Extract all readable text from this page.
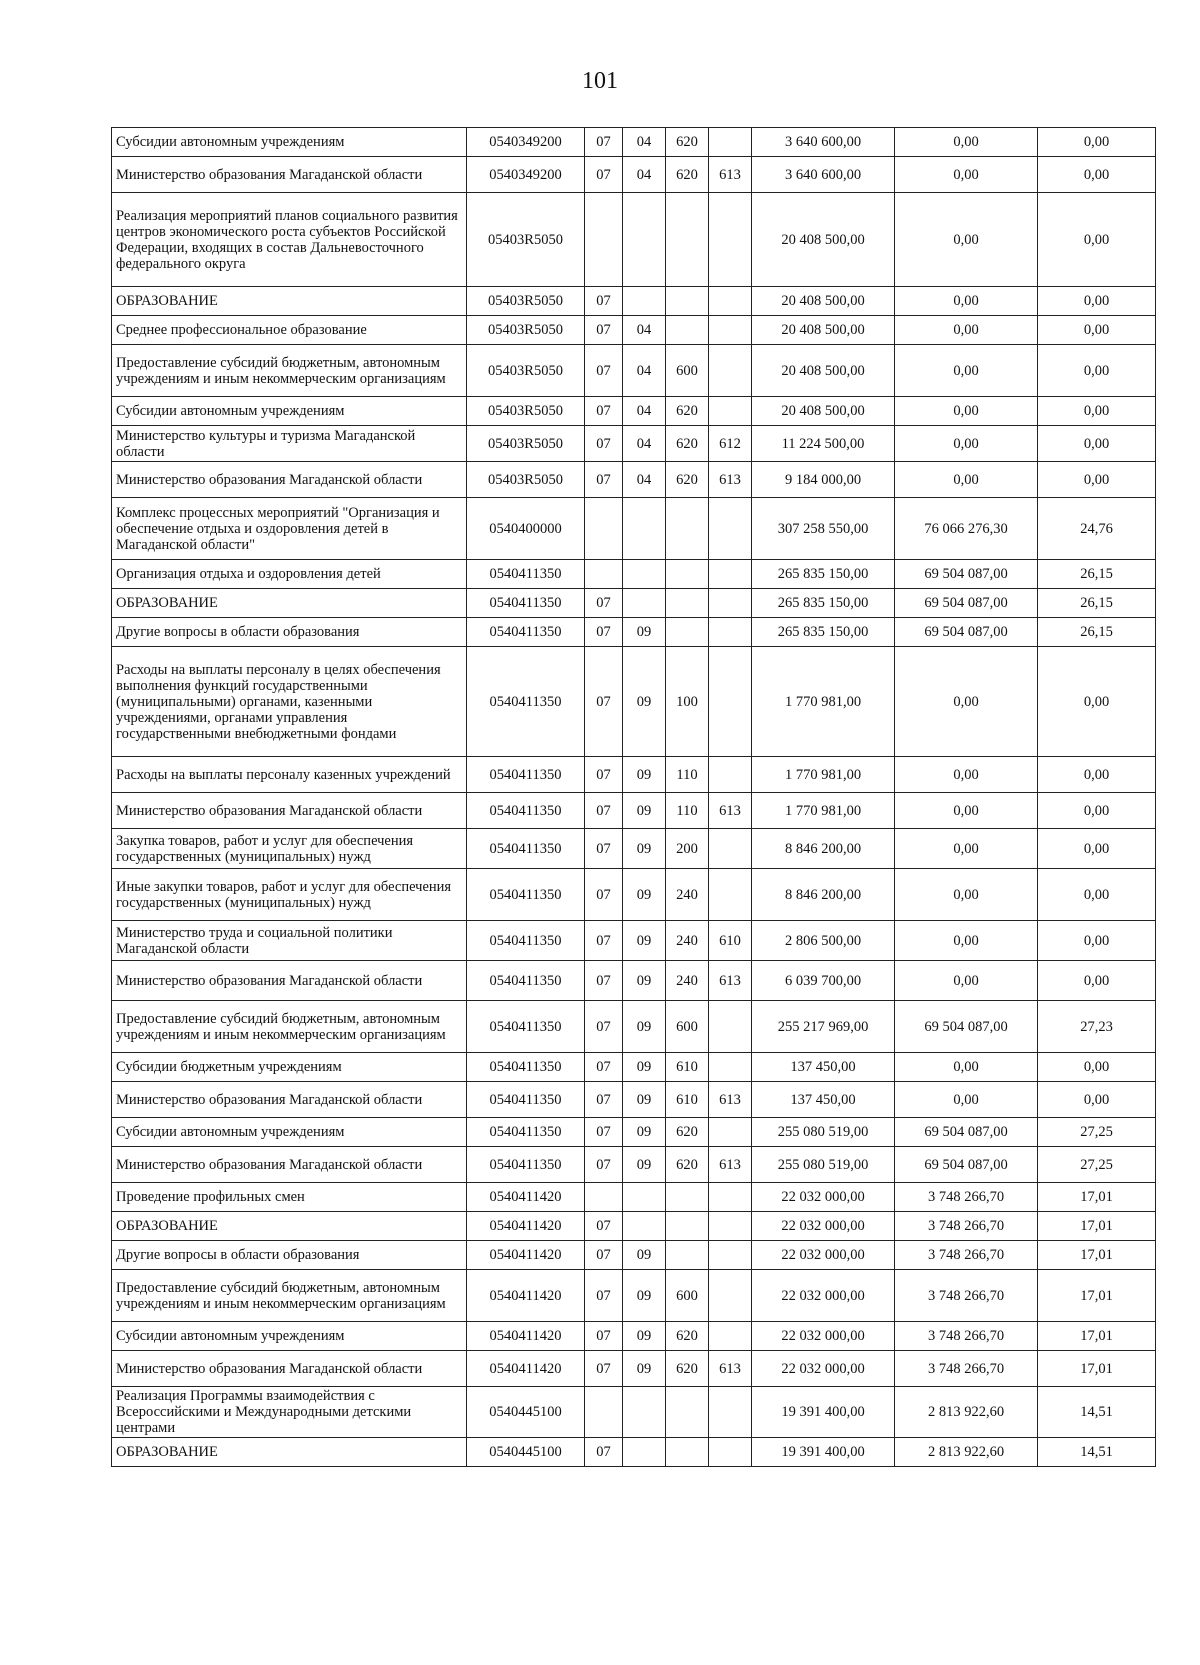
101
Субсидии автономным учреждениям	0540349200	07	04	620		3 640 600,00	0,00	0,00
Министерство образования Магаданской области	0540349200	07	04	620	613	3 640 600,00	0,00	0,00
Реализация мероприятий планов социального развития центров экономического роста субъектов Российской Федерации, входящих в состав Дальневосточного федерального округа	05403R5050					20 408 500,00	0,00	0,00
ОБРАЗОВАНИЕ	05403R5050	07				20 408 500,00	0,00	0,00
Среднее профессиональное образование	05403R5050	07	04			20 408 500,00	0,00	0,00
Предоставление субсидий бюджетным, автономным учреждениям и иным некоммерческим организациям	05403R5050	07	04	600		20 408 500,00	0,00	0,00
Субсидии автономным учреждениям	05403R5050	07	04	620		20 408 500,00	0,00	0,00
Министерство культуры и туризма Магаданской области	05403R5050	07	04	620	612	11 224 500,00	0,00	0,00
Министерство образования Магаданской области	05403R5050	07	04	620	613	9 184 000,00	0,00	0,00
Комплекс процессных мероприятий "Организация и обеспечение отдыха и оздоровления детей в Магаданской области"	0540400000					307 258 550,00	76 066 276,30	24,76
Организация отдыха и оздоровления детей	0540411350					265 835 150,00	69 504 087,00	26,15
ОБРАЗОВАНИЕ	0540411350	07				265 835 150,00	69 504 087,00	26,15
Другие вопросы в области образования	0540411350	07	09			265 835 150,00	69 504 087,00	26,15
Расходы на выплаты персоналу в целях обеспечения выполнения функций государственными (муниципальными) органами, казенными учреждениями, органами управления государственными внебюджетными фондами	0540411350	07	09	100		1 770 981,00	0,00	0,00
Расходы на выплаты персоналу казенных учреждений	0540411350	07	09	110		1 770 981,00	0,00	0,00
Министерство образования Магаданской области	0540411350	07	09	110	613	1 770 981,00	0,00	0,00
Закупка товаров, работ и услуг для обеспечения государственных (муниципальных) нужд	0540411350	07	09	200		8 846 200,00	0,00	0,00
Иные закупки товаров, работ и услуг для обеспечения государственных (муниципальных) нужд	0540411350	07	09	240		8 846 200,00	0,00	0,00
Министерство труда и социальной политики Магаданской области	0540411350	07	09	240	610	2 806 500,00	0,00	0,00
Министерство образования Магаданской области	0540411350	07	09	240	613	6 039 700,00	0,00	0,00
Предоставление субсидий бюджетным, автономным учреждениям и иным некоммерческим организациям	0540411350	07	09	600		255 217 969,00	69 504 087,00	27,23
Субсидии бюджетным учреждениям	0540411350	07	09	610		137 450,00	0,00	0,00
Министерство образования Магаданской области	0540411350	07	09	610	613	137 450,00	0,00	0,00
Субсидии автономным учреждениям	0540411350	07	09	620		255 080 519,00	69 504 087,00	27,25
Министерство образования Магаданской области	0540411350	07	09	620	613	255 080 519,00	69 504 087,00	27,25
Проведение профильных смен	0540411420					22 032 000,00	3 748 266,70	17,01
ОБРАЗОВАНИЕ	0540411420	07				22 032 000,00	3 748 266,70	17,01
Другие вопросы в области образования	0540411420	07	09			22 032 000,00	3 748 266,70	17,01
Предоставление субсидий бюджетным, автономным учреждениям и иным некоммерческим организациям	0540411420	07	09	600		22 032 000,00	3 748 266,70	17,01
Субсидии автономным учреждениям	0540411420	07	09	620		22 032 000,00	3 748 266,70	17,01
Министерство образования Магаданской области	0540411420	07	09	620	613	22 032 000,00	3 748 266,70	17,01
Реализация Программы взаимодействия с Всероссийскими и Международными детскими центрами	0540445100					19 391 400,00	2 813 922,60	14,51
ОБРАЗОВАНИЕ	0540445100	07				19 391 400,00	2 813 922,60	14,51
